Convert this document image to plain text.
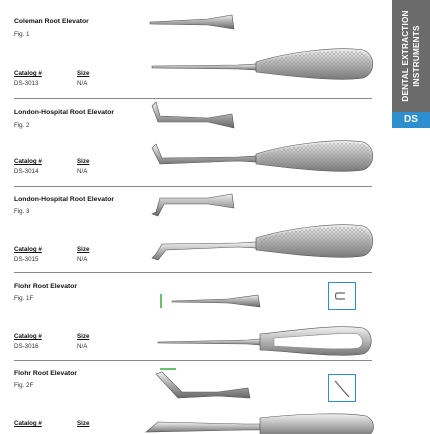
DENTAL EXTRACTION INSTRUMENTS
DS
Coleman Root Elevator
Fig. 1
Catalog #	Size
DS-3013	N/A
London-Hospital Root Elevator
Fig. 2
Catalog #	Size
DS-3014	N/A
London-Hospital Root Elevator
Fig. 3
Catalog #	Size
DS-3015	N/A
Flohr Root Elevator
Fig. 1F
Catalog #	Size
DS-3016	N/A
Flohr Root Elevator
Fig. 2F
Catalog #	Size
